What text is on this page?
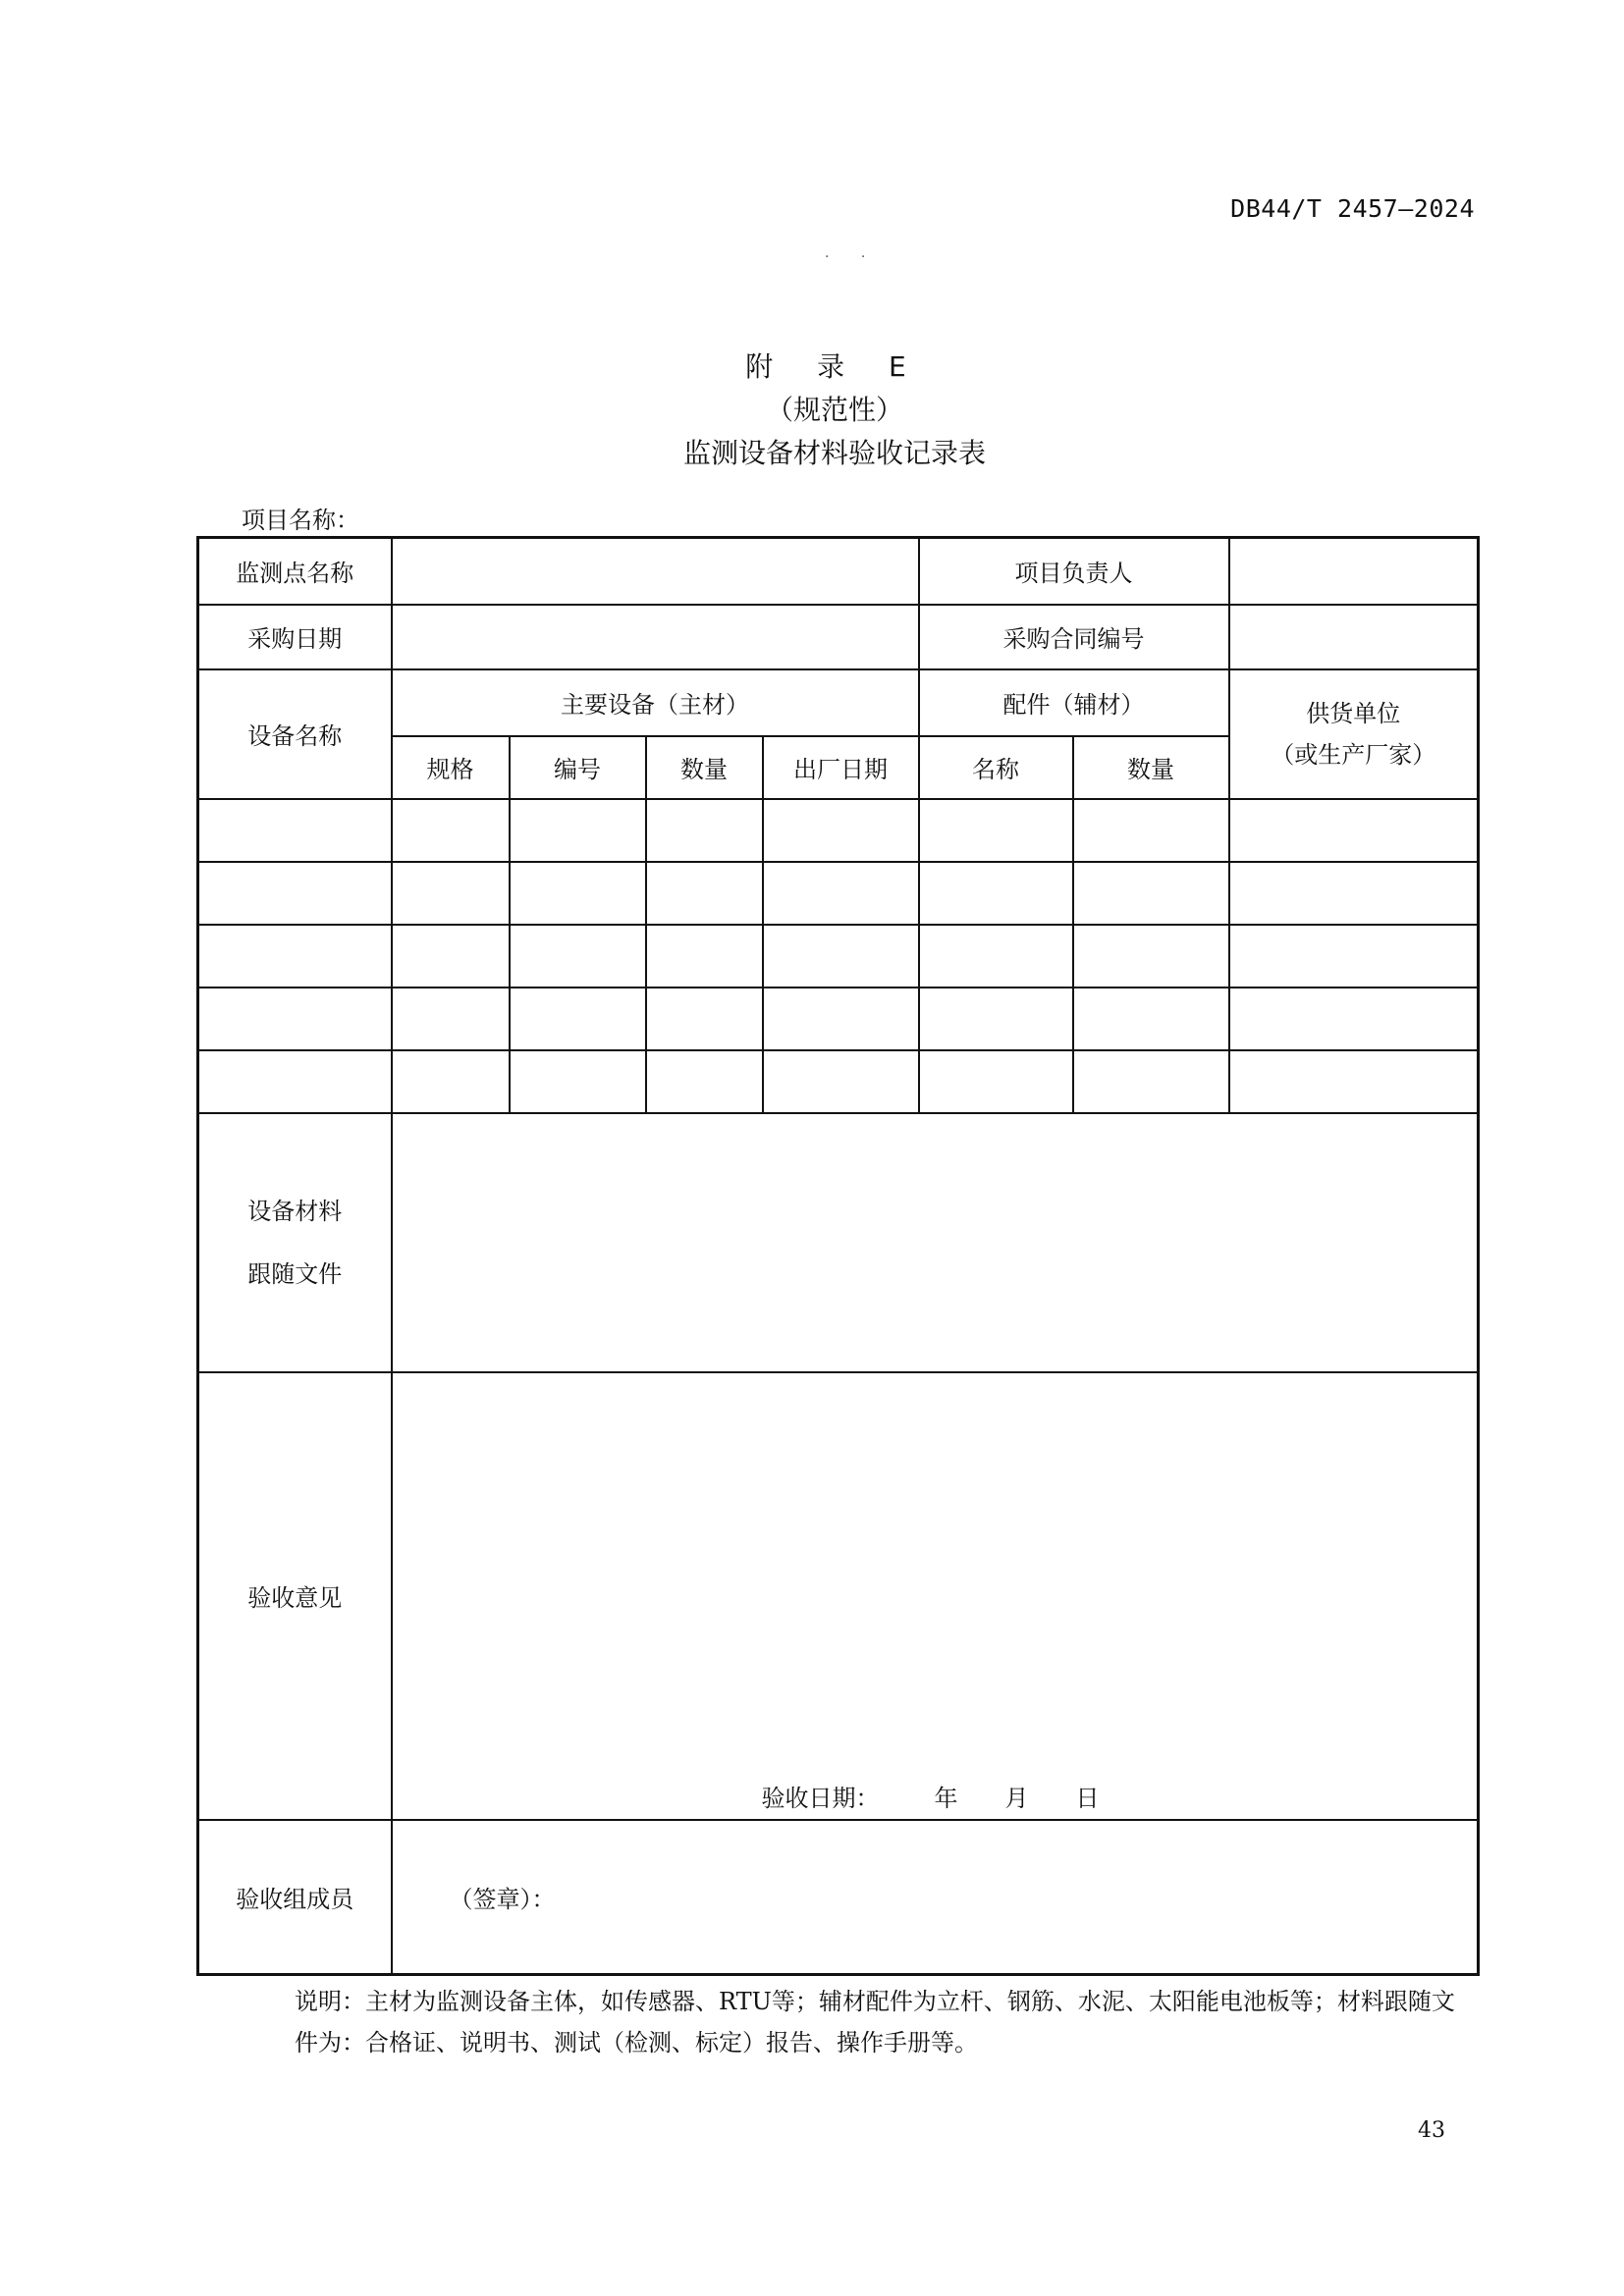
DB44/T 2457—2024
· ·
附 录 E
（规范性）
监测设备材料验收记录表
项目名称：
监测点名称					项目负责人		
采购日期					采购合同编号		
设备名称	主要设备（主材）				配件（辅材）		供货单位
（或生产厂家）

	规格	编号	数量	出厂日期	名称	数量	

设备材料
跟随文件							

验收意见	验收日期： 年 月 日						

验收组成员	（签章）：						
说明：主材为监测设备主体，如传感器、RTU等；辅材配件为立杆、钢筋、水泥、太阳能电池板等；材料跟随文
件为：合格证、说明书、测试（检测、标定）报告、操作手册等。
43
